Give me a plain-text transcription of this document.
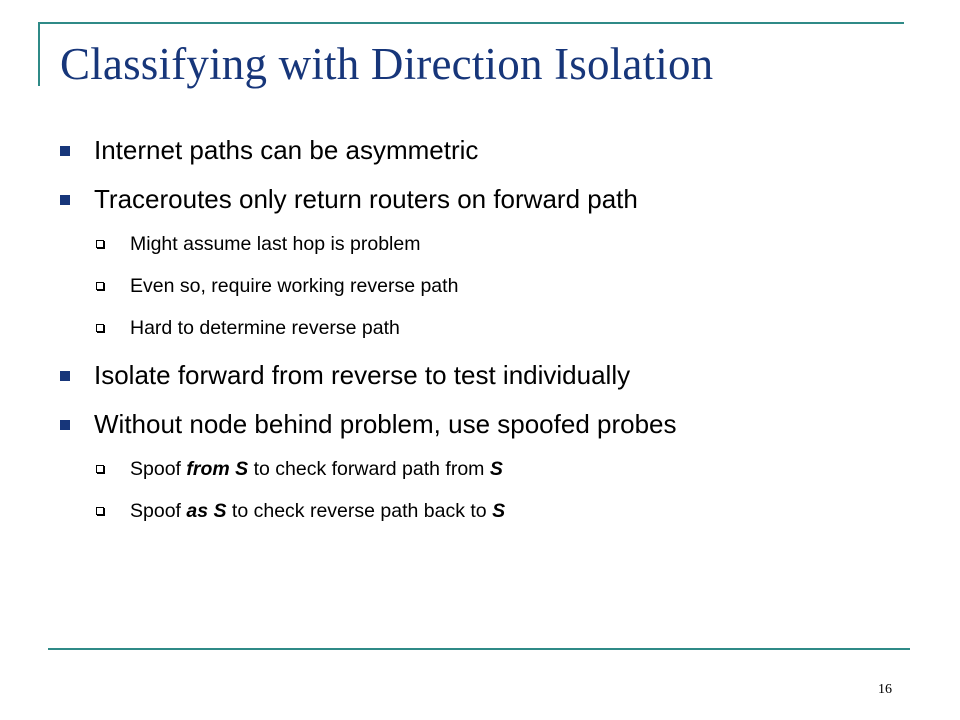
Classifying with Direction Isolation
Internet paths can be asymmetric
Traceroutes only return routers on forward path
Might assume last hop is problem
Even so, require working reverse path
Hard to determine reverse path
Isolate forward from reverse to test individually
Without node behind problem, use spoofed probes
Spoof from S to check forward path from S
Spoof as S to check reverse path back to S
16
